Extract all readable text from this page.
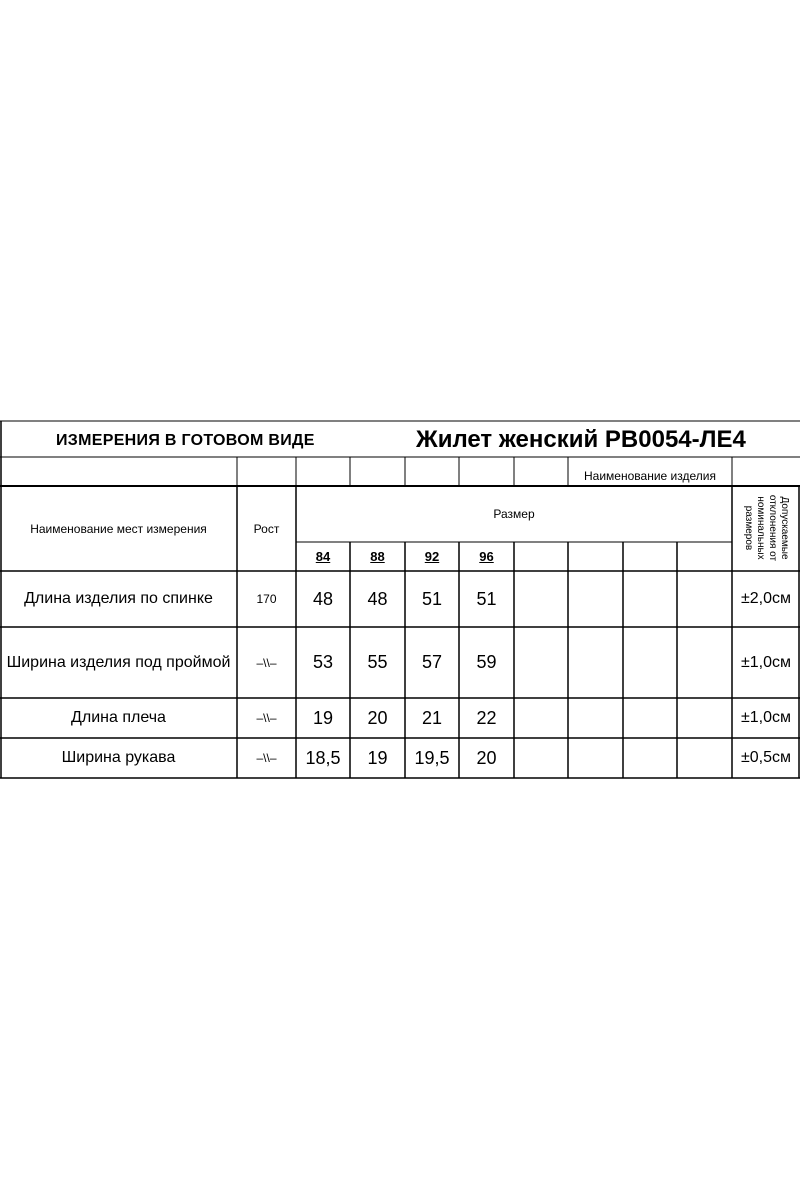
ИЗМЕРЕНИЯ В ГОТОВОМ ВИДЕ	Жилет женский РВ0054-ЛЕ4
Наименование изделия
Наименование мест измерения	Рост
Размер	Допускаемые отклонения от номинальных размеров
84	88	92	96
Длина изделия по спинке	170	48	48	51	51	±2,0см
Ширина изделия под проймой	–\\–	53	55	57	59	±1,0см
Длина плеча	–\\–	19	20	21	22	±1,0см
Ширина рукава	–\\–	18,5	19	19,5	20	±0,5см
